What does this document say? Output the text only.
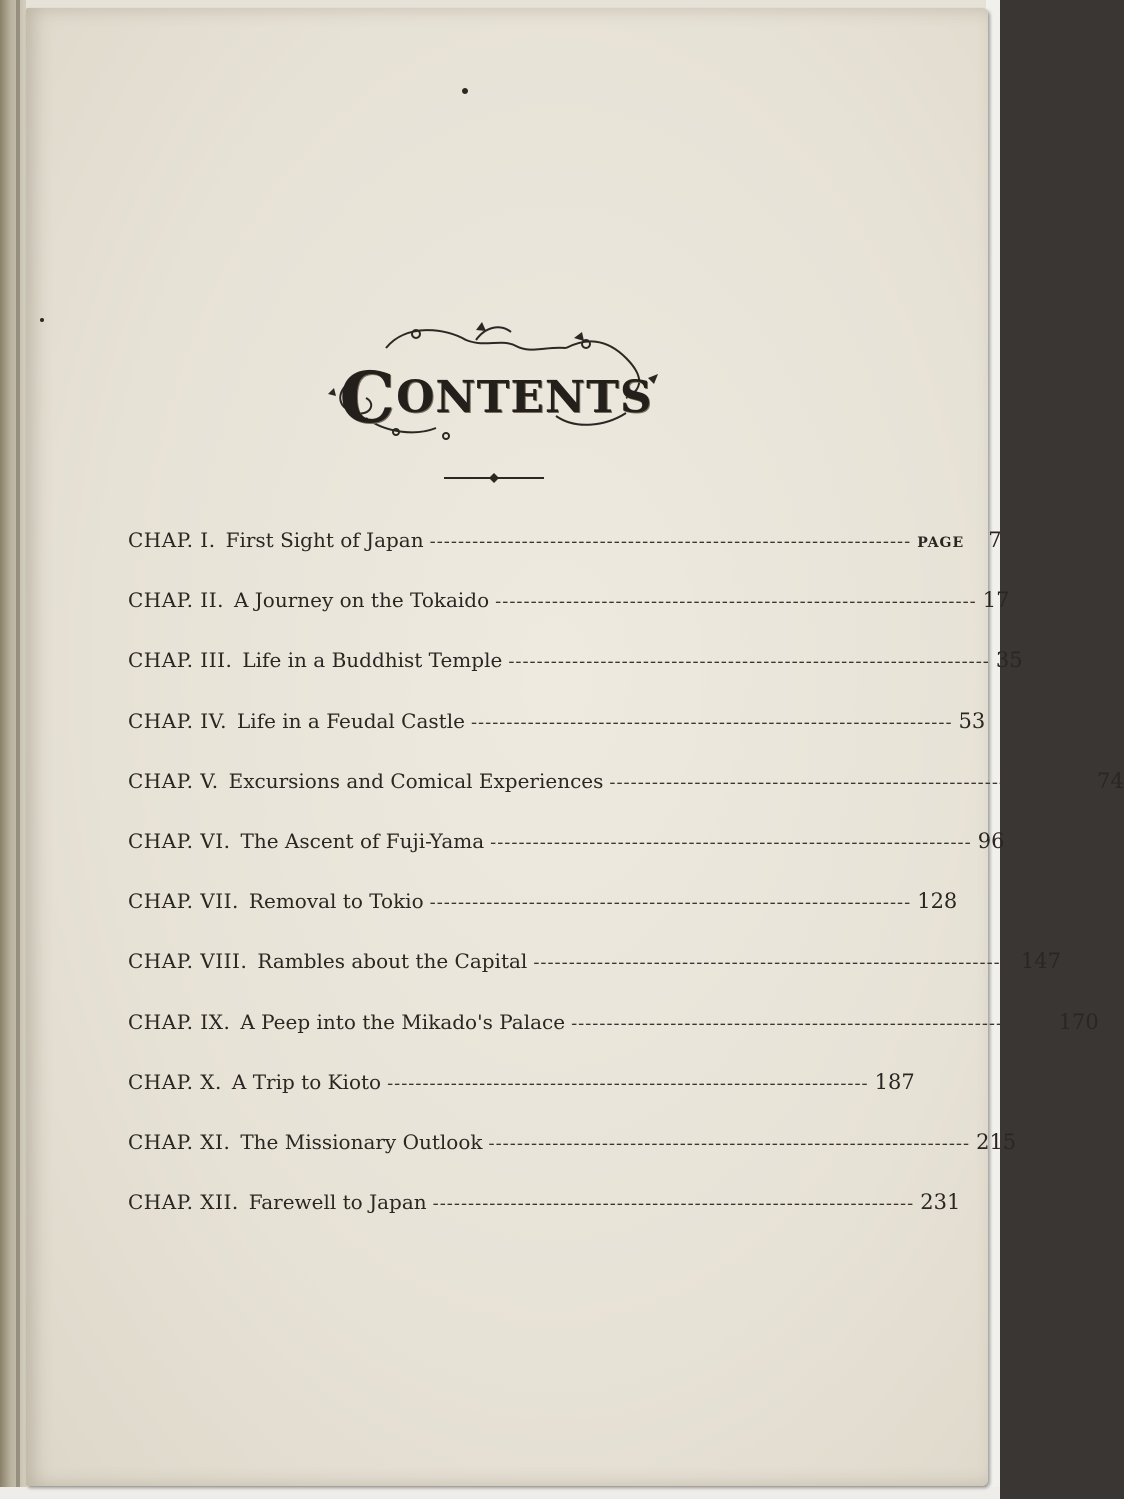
CONTENTS
CHAP. I. First Sight of Japan -------------------------------------------------------------------- PAGE 7
CHAP. II. A Journey on the Tokaido -------------------------------------------------------------------- 17
CHAP. III. Life in a Buddhist Temple -------------------------------------------------------------------- 35
CHAP. IV. Life in a Feudal Castle -------------------------------------------------------------------- 53
CHAP. V. Excursions and Comical Experiences -------------------------------------------------------------------- 74
CHAP. VI. The Ascent of Fuji-Yama -------------------------------------------------------------------- 96
CHAP. VII. Removal to Tokio -------------------------------------------------------------------- 128
CHAP. VIII. Rambles about the Capital -------------------------------------------------------------------- 147
CHAP. IX. A Peep into the Mikado's Palace -------------------------------------------------------------------- 170
CHAP. X. A Trip to Kioto -------------------------------------------------------------------- 187
CHAP. XI. The Missionary Outlook -------------------------------------------------------------------- 215
CHAP. XII. Farewell to Japan -------------------------------------------------------------------- 231
